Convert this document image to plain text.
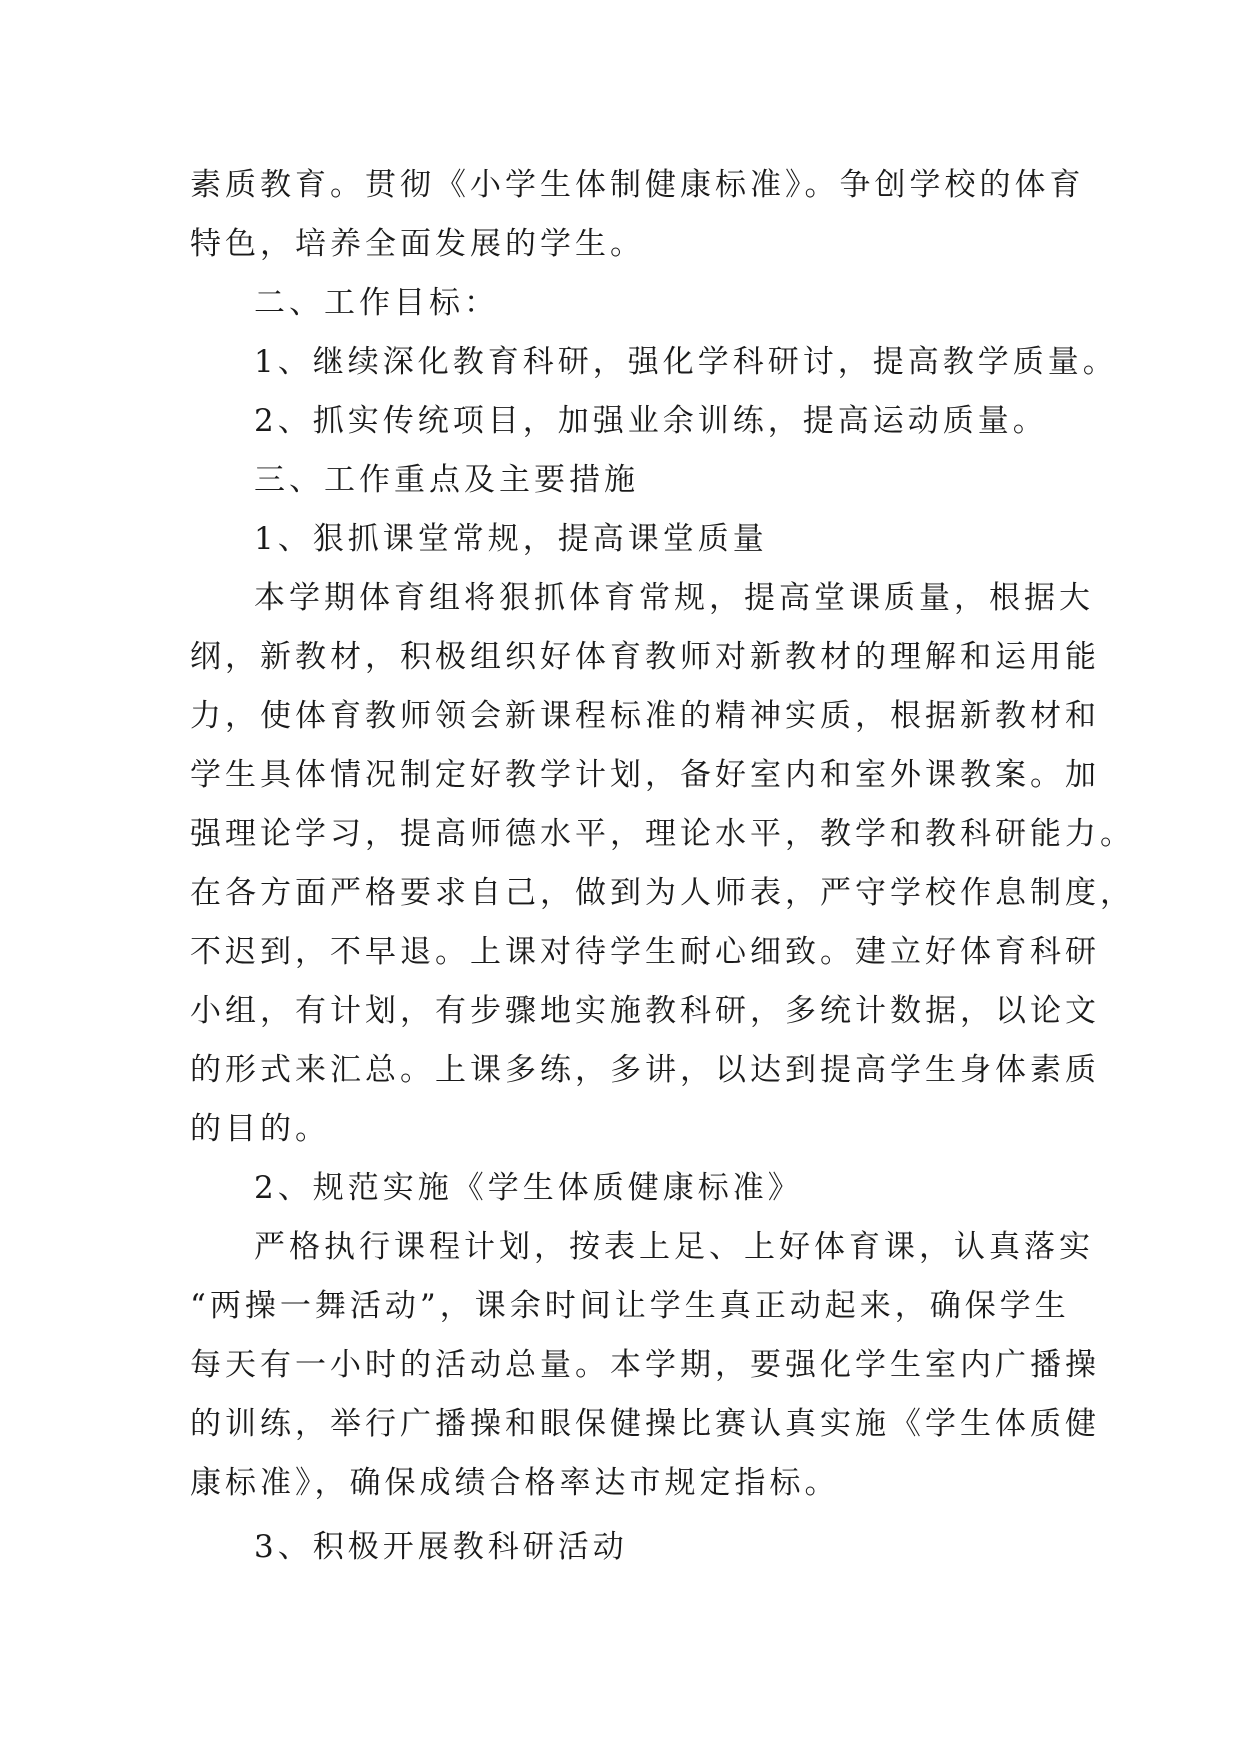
素质教育。贯彻《小学生体制健康标准》。争创学校的体育
特色，培养全面发展的学生。
二、工作目标：
1、继续深化教育科研，强化学科研讨，提高教学质量。
2、抓实传统项目，加强业余训练，提高运动质量。
三、工作重点及主要措施
1、狠抓课堂常规，提高课堂质量
本学期体育组将狠抓体育常规，提高堂课质量，根据大
纲，新教材，积极组织好体育教师对新教材的理解和运用能
力，使体育教师领会新课程标准的精神实质，根据新教材和
学生具体情况制定好教学计划，备好室内和室外课教案。加
强理论学习，提高师德水平，理论水平，教学和教科研能力。
在各方面严格要求自己，做到为人师表，严守学校作息制度，
不迟到，不早退。上课对待学生耐心细致。建立好体育科研
小组，有计划，有步骤地实施教科研，多统计数据，以论文
的形式来汇总。上课多练，多讲，以达到提高学生身体素质
的目的。
2、规范实施《学生体质健康标准》
严格执行课程计划，按表上足、上好体育课，认真落实
“两操一舞活动”，课余时间让学生真正动起来，确保学生
每天有一小时的活动总量。本学期，要强化学生室内广播操
的训练，举行广播操和眼保健操比赛认真实施《学生体质健
康标准》，确保成绩合格率达市规定指标。
3、积极开展教科研活动
